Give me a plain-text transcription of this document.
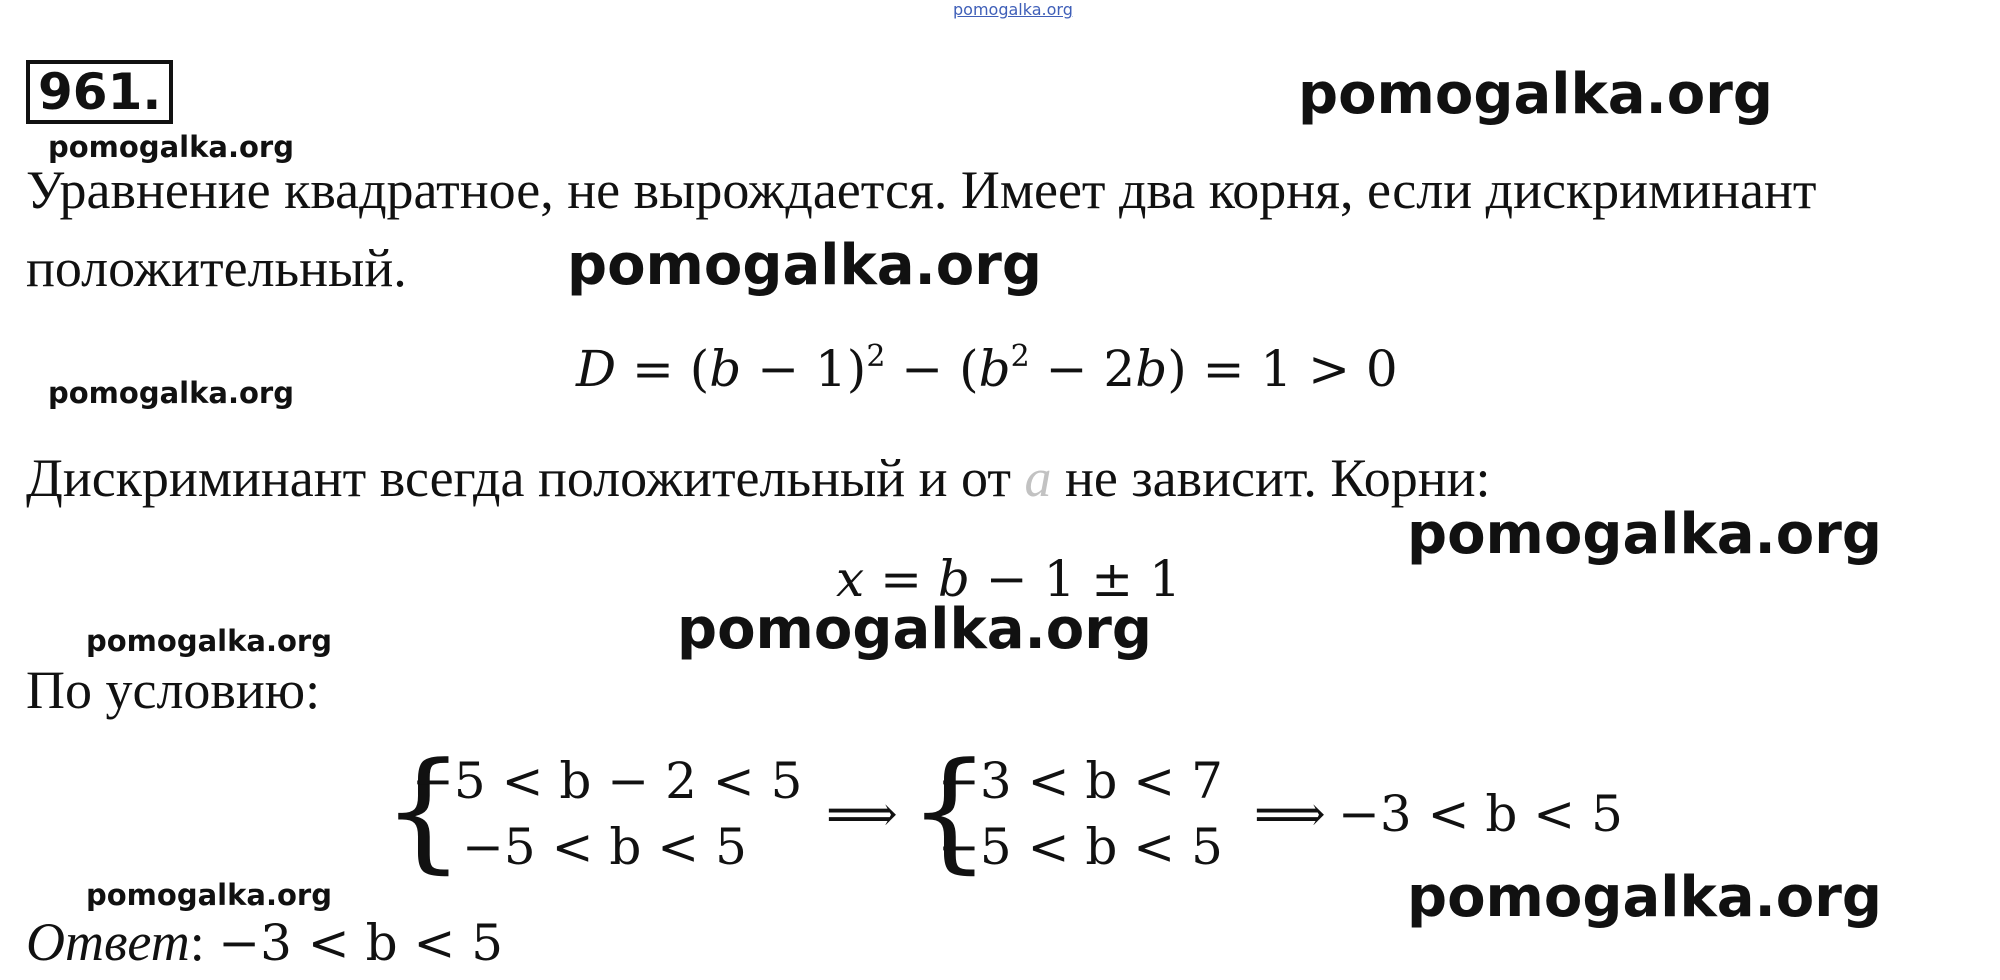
pomogalka.org
961.	pomogalka.org
pomogalka.org
pomogalka.org
pomogalka.org
pomogalka.org
pomogalka.org
pomogalka.org
pomogalka.org	pomogalka.org
Уравнение квадратное, не вырождается. Имеет два корня, если дискриминант
положительный.
$D = (b - 1)^2 - (b^2 - 2b) = 1 > 0$
Дискриминант всегда положительный и от a не зависит. Корни:
x = b − 1 ± 1
По условию:
{
−5 < b − 2 < 5
−5 < b < 5
⟹ {
−3 < b < 7
−5 < b < 5
⟹ −3 < b < 5
Ответ: −3 < b < 5
